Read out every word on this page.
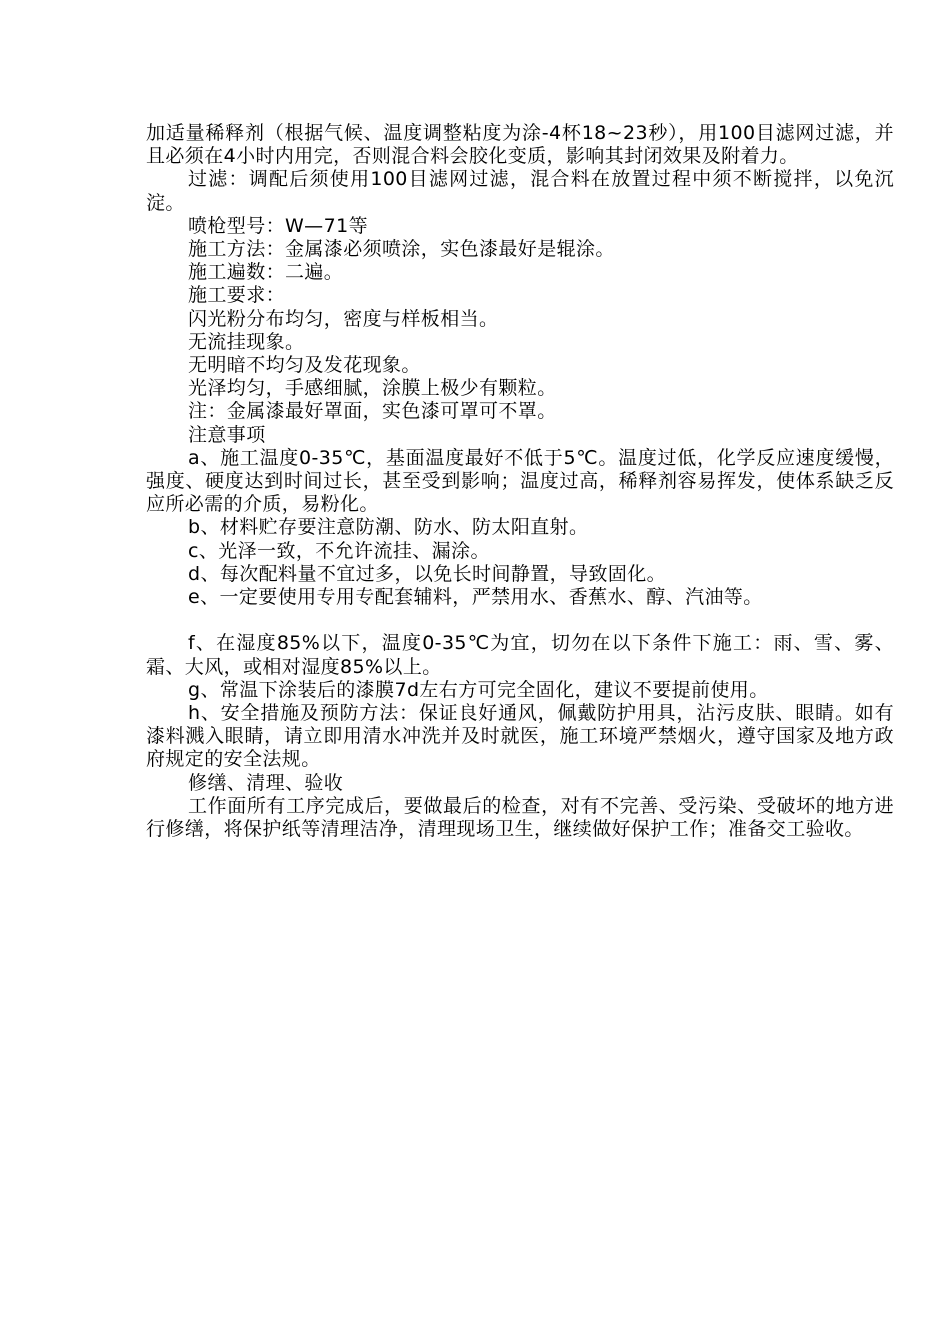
加适量稀释剂（根据气候、温度调整粘度为涂-4杯18~23秒），用100目滤网过滤，并且必须在4小时内用完，否则混合料会胶化变质，影响其封闭效果及附着力。

过滤：调配后须使用100目滤网过滤，混合料在放置过程中须不断搅拌，以免沉淀。

喷枪型号：W—71等

施工方法：金属漆必须喷涂，实色漆最好是辊涂。

施工遍数：二遍。

施工要求：

闪光粉分布均匀，密度与样板相当。

无流挂现象。

无明暗不均匀及发花现象。

光泽均匀，手感细腻，涂膜上极少有颗粒。

注：金属漆最好罩面，实色漆可罩可不罩。

注意事项

a、施工温度0-35℃，基面温度最好不低于5℃。温度过低，化学反应速度缓慢，强度、硬度达到时间过长，甚至受到影响；温度过高，稀释剂容易挥发，使体系缺乏反应所必需的介质，易粉化。

b、材料贮存要注意防潮、防水、防太阳直射。

c、光泽一致，不允许流挂、漏涂。

d、每次配料量不宜过多，以免长时间静置，导致固化。

e、一定要使用专用专配套辅料，严禁用水、香蕉水、醇、汽油等。

f、在湿度85%以下，温度0-35℃为宜，切勿在以下条件下施工：雨、雪、雾、霜、大风，或相对湿度85%以上。

g、常温下涂装后的漆膜7d左右方可完全固化，建议不要提前使用。

h、安全措施及预防方法：保证良好通风，佩戴防护用具，沾污皮肤、眼睛。如有漆料溅入眼睛，请立即用清水冲洗并及时就医，施工环境严禁烟火，遵守国家及地方政府规定的安全法规。

修缮、清理、验收

工作面所有工序完成后，要做最后的检查，对有不完善、受污染、受破坏的地方进行修缮，将保护纸等清理洁净，清理现场卫生，继续做好保护工作；准备交工验收。
